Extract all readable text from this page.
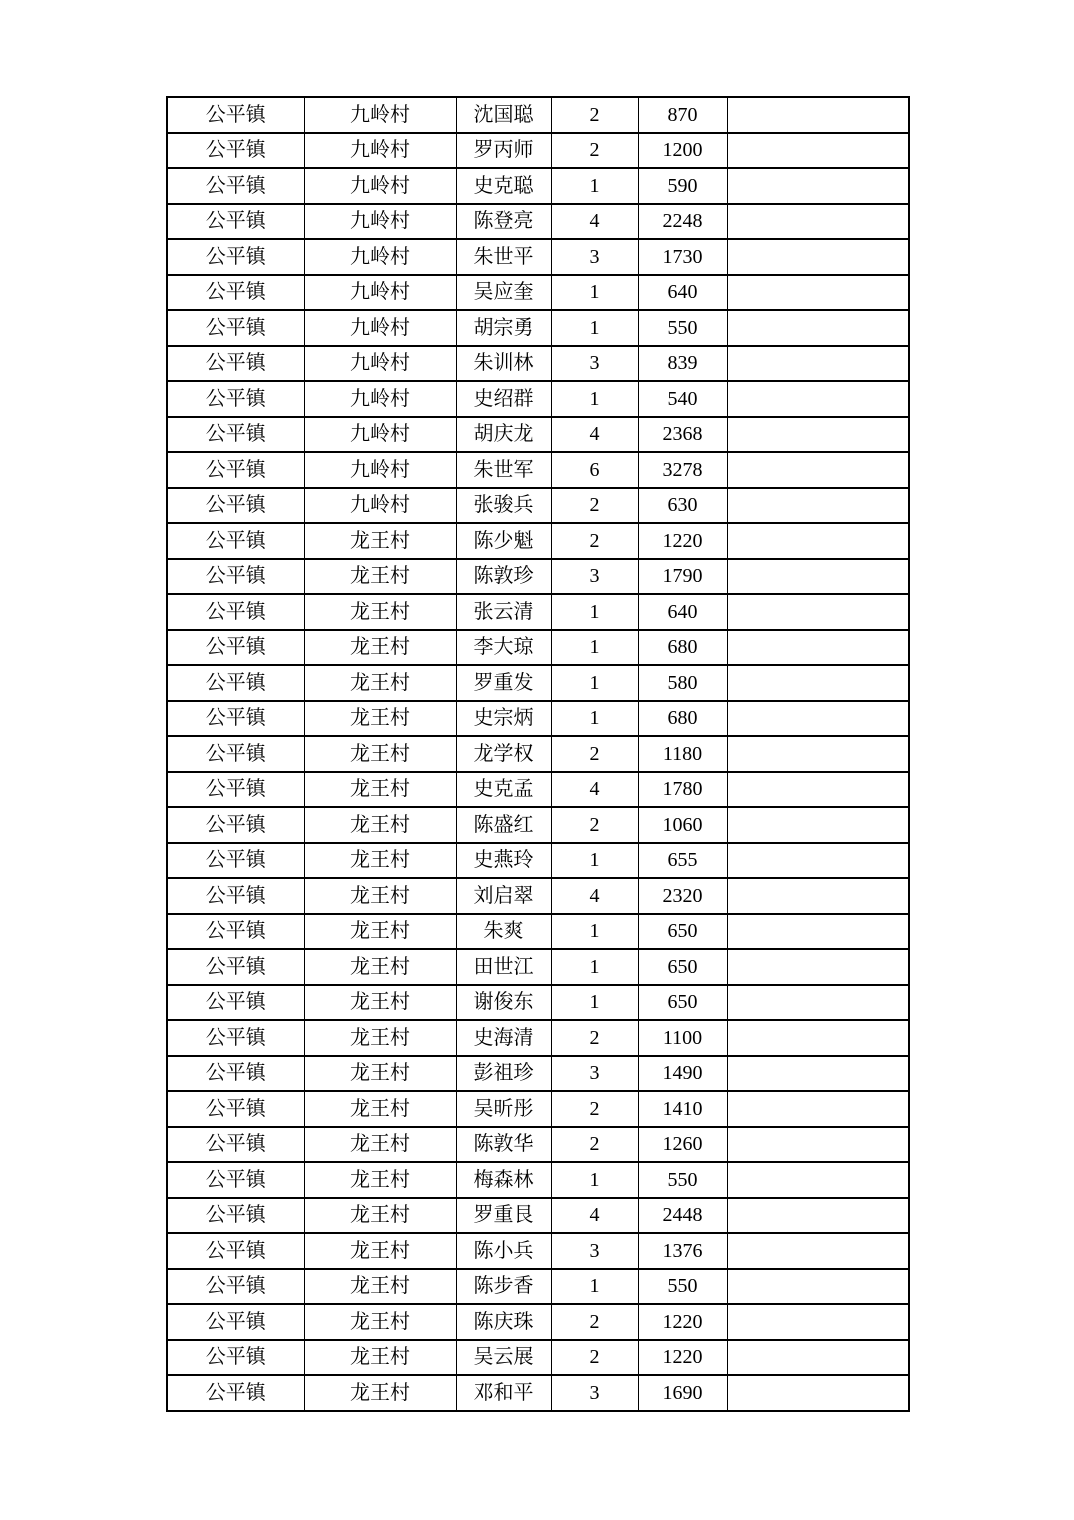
公平镇	九岭村	沈国聪	2	870	
公平镇	九岭村	罗丙师	2	1200	
公平镇	九岭村	史克聪	1	590	
公平镇	九岭村	陈登亮	4	2248	
公平镇	九岭村	朱世平	3	1730	
公平镇	九岭村	吴应奎	1	640	
公平镇	九岭村	胡宗勇	1	550	
公平镇	九岭村	朱训林	3	839	
公平镇	九岭村	史绍群	1	540	
公平镇	九岭村	胡庆龙	4	2368	
公平镇	九岭村	朱世军	6	3278	
公平镇	九岭村	张骏兵	2	630	
公平镇	龙王村	陈少魁	2	1220	
公平镇	龙王村	陈敦珍	3	1790	
公平镇	龙王村	张云清	1	640	
公平镇	龙王村	李大琼	1	680	
公平镇	龙王村	罗重发	1	580	
公平镇	龙王村	史宗炳	1	680	
公平镇	龙王村	龙学权	2	1180	
公平镇	龙王村	史克孟	4	1780	
公平镇	龙王村	陈盛红	2	1060	
公平镇	龙王村	史燕玲	1	655	
公平镇	龙王村	刘启翠	4	2320	
公平镇	龙王村	朱爽	1	650	
公平镇	龙王村	田世江	1	650	
公平镇	龙王村	谢俊东	1	650	
公平镇	龙王村	史海清	2	1100	
公平镇	龙王村	彭祖珍	3	1490	
公平镇	龙王村	吴昕彤	2	1410	
公平镇	龙王村	陈敦华	2	1260	
公平镇	龙王村	梅森林	1	550	
公平镇	龙王村	罗重艮	4	2448	
公平镇	龙王村	陈小兵	3	1376	
公平镇	龙王村	陈步香	1	550	
公平镇	龙王村	陈庆珠	2	1220	
公平镇	龙王村	吴云展	2	1220	
公平镇	龙王村	邓和平	3	1690	
